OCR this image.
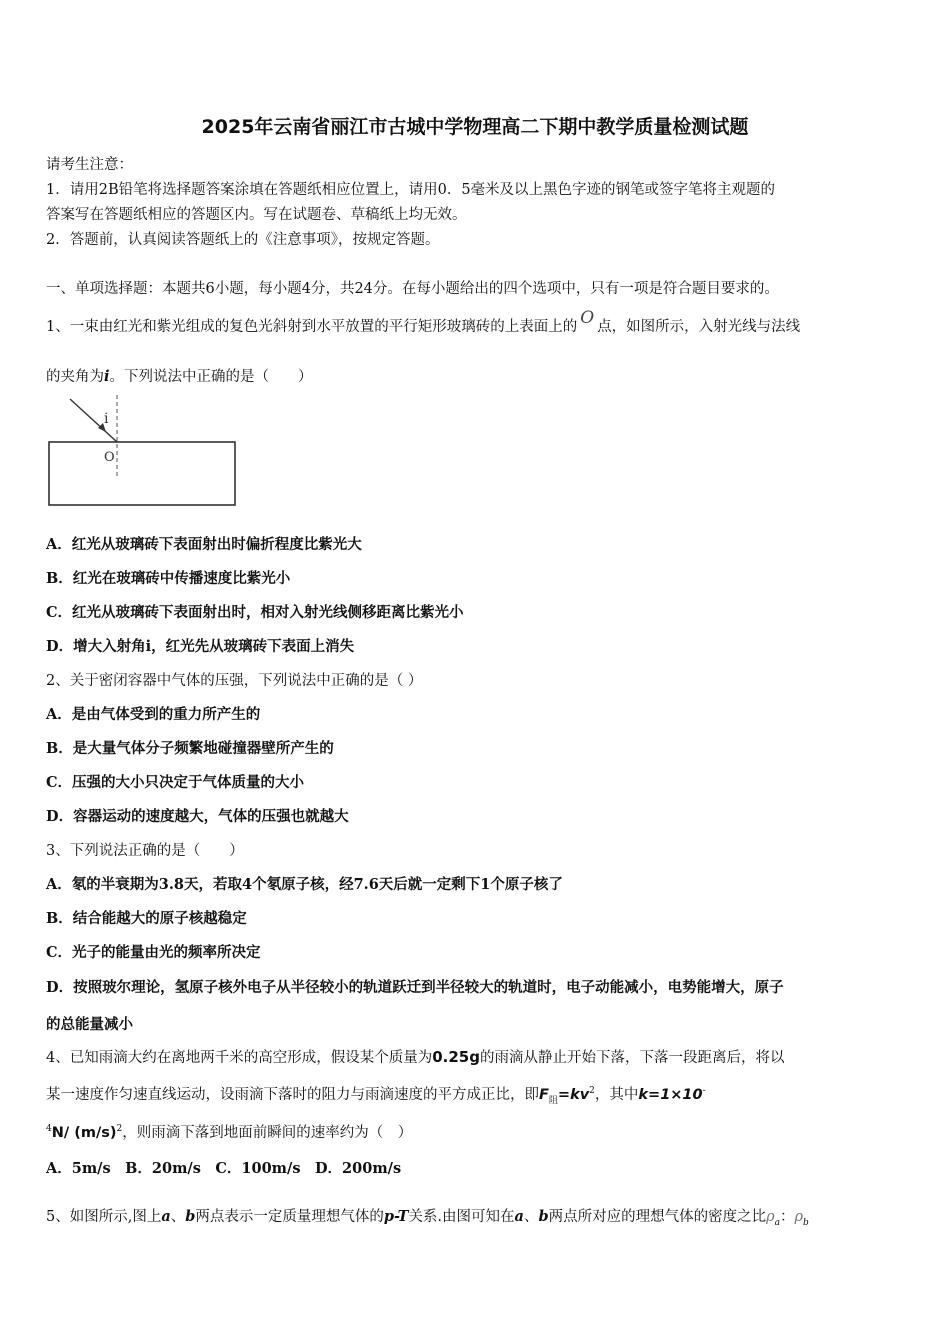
2025年云南省丽江市古城中学物理高二下期中教学质量检测试题
请考生注意：
1．请用2B铅笔将选择题答案涂填在答题纸相应位置上，请用0．5毫米及以上黑色字迹的钢笔或签字笔将主观题的
答案写在答题纸相应的答题区内。写在试题卷、草稿纸上均无效。
2．答题前，认真阅读答题纸上的《注意事项》，按规定答题。
一、单项选择题：本题共6小题，每小题4分，共24分。在每小题给出的四个选项中，只有一项是符合题目要求的。
1、一束由红光和紫光组成的复色光斜射到水平放置的平行矩形玻璃砖的上表面上的 O 点，如图所示，入射光线与法线
的夹角为i。下列说法中正确的是（　　）
i
O
A．红光从玻璃砖下表面射出时偏折程度比紫光大
B．红光在玻璃砖中传播速度比紫光小
C．红光从玻璃砖下表面射出时，相对入射光线侧移距离比紫光小
D．增大入射角i，红光先从玻璃砖下表面上消失
2、关于密闭容器中气体的压强，下列说法中正确的是（ ）
A．是由气体受到的重力所产生的
B．是大量气体分子频繁地碰撞器壁所产生的
C．压强的大小只决定于气体质量的大小
D．容器运动的速度越大，气体的压强也就越大
3、下列说法正确的是（　　）
A．氡的半衰期为3.8天，若取4个氡原子核，经7.6天后就一定剩下1个原子核了
B．结合能越大的原子核越稳定
C．光子的能量由光的频率所决定
D．按照玻尔理论，氢原子核外电子从半径较小的轨道跃迁到半径较大的轨道时，电子动能减小，电势能增大，原子
的总能量减小
4、已知雨滴大约在离地两千米的高空形成，假设某个质量为0.25g的雨滴从静止开始下落，下落一段距离后，将以
某一速度作匀速直线运动，设雨滴下落时的阻力与雨滴速度的平方成正比，即$F_阻=kv^2$，其中k=1×10-
$^4$N/ $(m/s)^2$，则雨滴下落到地面前瞬间的速率约为（　）
A．5m/s　B．20m/s　C．100m/s　D．200m/s
5、如图所示,图上a、b两点表示一定质量理想气体的p-T关系.由图可知在a、b两点所对应的理想气体的密度之比$\rho_a$：$\rho_b$
